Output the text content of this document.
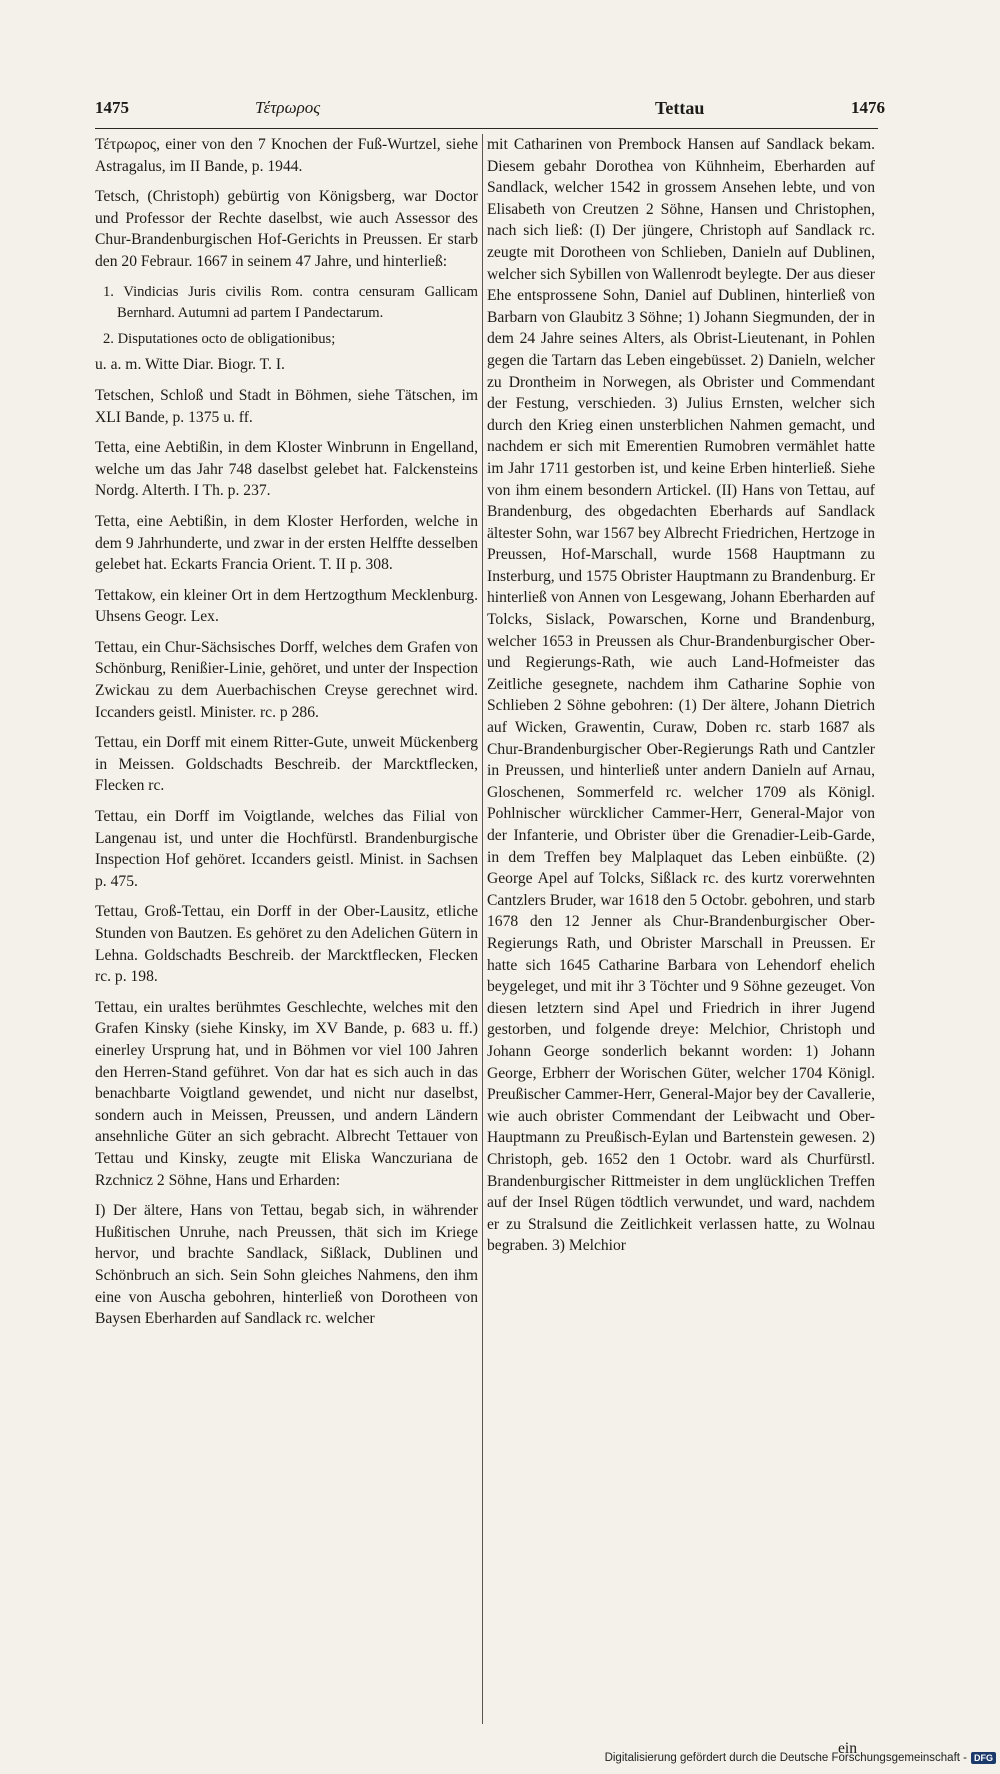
1475	Τέτρωρος	Tettau	1476

Τέτρωρος, einer von den 7 Knochen der Fuß-Wurtzel, siehe Astragalus, im II Bande, p. 1944.

Tetsch, (Christoph) gebürtig von Königsberg, war Doctor und Professor der Rechte daselbst, wie auch Assessor des Chur-Brandenburgischen Hof-Gerichts in Preussen. Er starb den 20 Febraur. 1667 in seinem 47 Jahre, und hinterließ:

1. Vindicias Juris civilis Rom. contra censuram Gallicam Bernhard. Autumni ad partem I Pandectarum.

2. Disputationes octo de obligationibus;

u. a. m. Witte Diar. Biogr. T. I.

Tetschen, Schloß und Stadt in Böhmen, siehe Tätschen, im XLI Bande, p. 1375 u. ff.

Tetta, eine Aebtißin, in dem Kloster Winbrunn in Engelland, welche um das Jahr 748 daselbst gelebet hat. Falckensteins Nordg. Alterth. I Th. p. 237.

Tetta, eine Aebtißin, in dem Kloster Herforden, welche in dem 9 Jahrhunderte, und zwar in der ersten Helffte desselben gelebet hat. Eckarts Francia Orient. T. II p. 308.

Tettakow, ein kleiner Ort in dem Hertzogthum Mecklenburg. Uhsens Geogr. Lex.

Tettau, ein Chur-Sächsisches Dorff, welches dem Grafen von Schönburg, Renißier-Linie, gehöret, und unter der Inspection Zwickau zu dem Auerbachischen Creyse gerechnet wird. Iccanders geistl. Minister. rc. p 286.

Tettau, ein Dorff mit einem Ritter-Gute, unweit Mückenberg in Meissen. Goldschadts Beschreib. der Marcktflecken, Flecken rc.

Tettau, ein Dorff im Voigtlande, welches das Filial von Langenau ist, und unter die Hochfürstl. Brandenburgische Inspection Hof gehöret. Iccanders geistl. Minist. in Sachsen p. 475.

Tettau, Groß-Tettau, ein Dorff in der Ober-Lausitz, etliche Stunden von Bautzen. Es gehöret zu den Adelichen Gütern in Lehna. Goldschadts Beschreib. der Marcktflecken, Flecken rc. p. 198.

Tettau, ein uraltes berühmtes Geschlechte, welches mit den Grafen Kinsky (siehe Kinsky, im XV Bande, p. 683 u. ff.) einerley Ursprung hat, und in Böhmen vor viel 100 Jahren den Herren-Stand geführet. Von dar hat es sich auch in das benachbarte Voigtland gewendet, und nicht nur daselbst, sondern auch in Meissen, Preussen, und andern Ländern ansehnliche Güter an sich gebracht. Albrecht Tettauer von Tettau und Kinsky, zeugte mit Eliska Wanczuriana de Rzchnicz 2 Söhne, Hans und Erharden:

I) Der ältere, Hans von Tettau, begab sich, in währender Hußitischen Unruhe, nach Preussen, thät sich im Kriege hervor, und brachte Sandlack, Sißlack, Dublinen und Schönbruch an sich. Sein Sohn gleiches Nahmens, den ihm eine von Auscha gebohren, hinterließ von Dorotheen von Baysen Eberharden auf Sandlack rc. welcher

mit Catharinen von Prembock Hansen auf Sandlack bekam. Diesem gebahr Dorothea von Kühnheim, Eberharden auf Sandlack, welcher 1542 in grossem Ansehen lebte, und von Elisabeth von Creutzen 2 Söhne, Hansen und Christophen, nach sich ließ: (I) Der jüngere, Christoph auf Sandlack rc. zeugte mit Dorotheen von Schlieben, Danieln auf Dublinen, welcher sich Sybillen von Wallenrodt beylegte. Der aus dieser Ehe entsprossene Sohn, Daniel auf Dublinen, hinterließ von Barbarn von Glaubitz 3 Söhne; 1) Johann Siegmunden, der in dem 24 Jahre seines Alters, als Obrist-Lieutenant, in Pohlen gegen die Tartarn das Leben eingebüsset. 2) Danieln, welcher zu Drontheim in Norwegen, als Obrister und Commendant der Festung, verschieden. 3) Julius Ernsten, welcher sich durch den Krieg einen unsterblichen Nahmen gemacht, und nachdem er sich mit Emerentien Rumobren vermählet hatte im Jahr 1711 gestorben ist, und keine Erben hinterließ. Siehe von ihm einem besondern Artickel. (II) Hans von Tettau, auf Brandenburg, des obgedachten Eberhards auf Sandlack ältester Sohn, war 1567 bey Albrecht Friedrichen, Hertzoge in Preussen, Hof-Marschall, wurde 1568 Hauptmann zu Insterburg, und 1575 Obrister Hauptmann zu Brandenburg. Er hinterließ von Annen von Lesgewang, Johann Eberharden auf Tolcks, Sislack, Powarschen, Korne und Brandenburg, welcher 1653 in Preussen als Chur-Brandenburgischer Ober- und Regierungs-Rath, wie auch Land-Hofmeister das Zeitliche gesegnete, nachdem ihm Catharine Sophie von Schlieben 2 Söhne gebohren: (1) Der ältere, Johann Dietrich auf Wicken, Grawentin, Curaw, Doben rc. starb 1687 als Chur-Brandenburgischer Ober-Regierungs Rath und Cantzler in Preussen, und hinterließ unter andern Danieln auf Arnau, Gloschenen, Sommerfeld rc. welcher 1709 als Königl. Pohlnischer würcklicher Cammer-Herr, General-Major von der Infanterie, und Obrister über die Grenadier-Leib-Garde, in dem Treffen bey Malplaquet das Leben einbüßte. (2) George Apel auf Tolcks, Sißlack rc. des kurtz vorerwehnten Cantzlers Bruder, war 1618 den 5 Octobr. gebohren, und starb 1678 den 12 Jenner als Chur-Brandenburgischer Ober-Regierungs Rath, und Obrister Marschall in Preussen. Er hatte sich 1645 Catharine Barbara von Lehendorf ehelich beygeleget, und mit ihr 3 Töchter und 9 Söhne gezeuget. Von diesen letztern sind Apel und Friedrich in ihrer Jugend gestorben, und folgende dreye: Melchior, Christoph und Johann George sonderlich bekannt worden: 1) Johann George, Erbherr der Worischen Güter, welcher 1704 Königl. Preußischer Cammer-Herr, General-Major bey der Cavallerie, wie auch obrister Commendant der Leibwacht und Ober-Hauptmann zu Preußisch-Eylan und Bartenstein gewesen. 2) Christoph, geb. 1652 den 1 Octobr. ward als Churfürstl. Brandenburgischer Rittmeister in dem unglücklichen Treffen auf der Insel Rügen tödtlich verwundet, und ward, nachdem er zu Stralsund die Zeitlichkeit verlassen hatte, zu Wolnau begraben. 3) Melchior

ein
Digitalisierung gefördert durch die Deutsche Forschungsgemeinschaft - DFG
